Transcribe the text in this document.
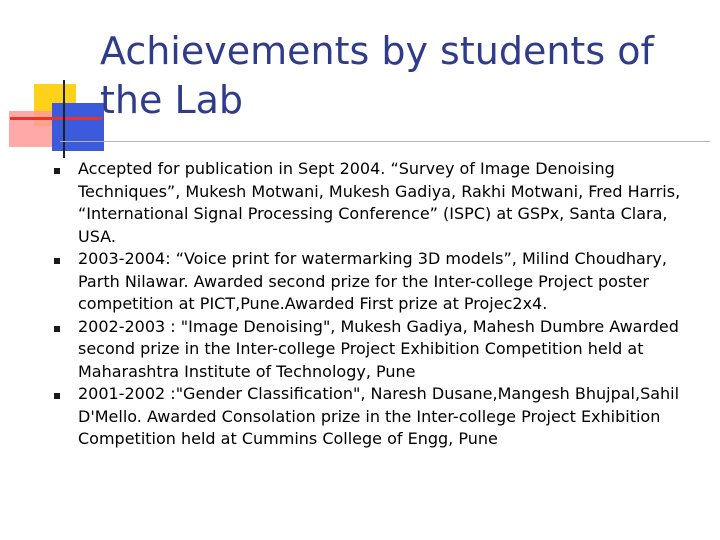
Achievements by students of the Lab
Accepted for publication in Sept 2004. “Survey of Image Denoising Techniques”, Mukesh Motwani, Mukesh Gadiya, Rakhi Motwani, Fred Harris, “International Signal Processing Conference” (ISPC) at GSPx, Santa Clara, USA.
2003-2004: “Voice print for watermarking 3D models”, Milind Choudhary, Parth Nilawar. Awarded second prize for the Inter-college Project poster competition at PICT,Pune.Awarded First prize at Projec2x4.
2002-2003 : "Image Denoising", Mukesh Gadiya, Mahesh Dumbre Awarded second prize in the Inter-college Project Exhibition Competition held at Maharashtra Institute of Technology, Pune
2001-2002 :"Gender Classification", Naresh Dusane,Mangesh Bhujpal,Sahil D'Mello. Awarded Consolation prize in the Inter-college Project Exhibition Competition held at Cummins College of Engg, Pune
